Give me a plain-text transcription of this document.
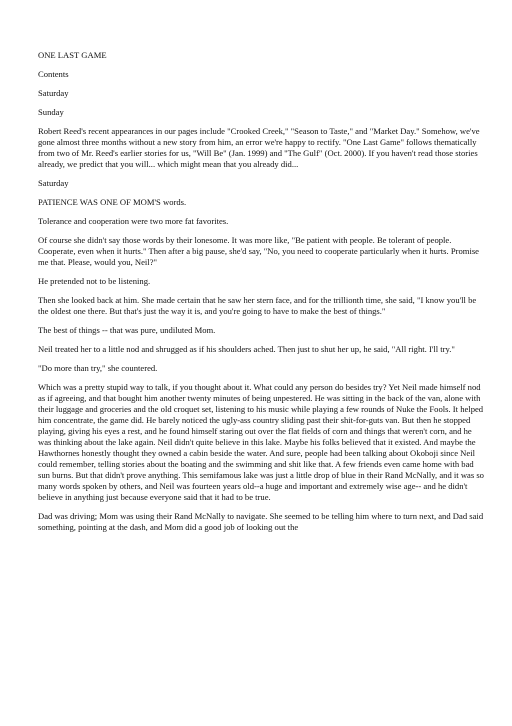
ONE LAST GAME

Contents

Saturday

Sunday

Robert Reed's recent appearances in our pages include "Crooked Creek," "Season to Taste," and "Market Day." Somehow, we've gone almost three months without a new story from him, an error we're happy to rectify. "One Last Game" follows thematically from two of Mr. Reed's earlier stories for us, "Will Be" (Jan. 1999) and "The Gulf" (Oct. 2000). If you haven't read those stories already, we predict that you will... which might mean that you already did...

Saturday

PATIENCE WAS ONE OF MOM'S words.

Tolerance and cooperation were two more fat favorites.

Of course she didn't say those words by their lonesome. It was more like, "Be patient with people. Be tolerant of people. Cooperate, even when it hurts." Then after a big pause, she'd say, "No, you need to cooperate particularly when it hurts. Promise me that. Please, would you, Neil?"

He pretended not to be listening.

Then she looked back at him. She made certain that he saw her stern face, and for the trillionth time, she said, "I know you'll be the oldest one there. But that's just the way it is, and you're going to have to make the best of things."

The best of things -- that was pure, undiluted Mom.

Neil treated her to a little nod and shrugged as if his shoulders ached. Then just to shut her up, he said, "All right. I'll try."

"Do more than try," she countered.

Which was a pretty stupid way to talk, if you thought about it. What could any person do besides try? Yet Neil made himself nod as if agreeing, and that bought him another twenty minutes of being unpestered. He was sitting in the back of the van, alone with their luggage and groceries and the old croquet set, listening to his music while playing a few rounds of Nuke the Fools. It helped him concentrate, the game did. He barely noticed the ugly-ass country sliding past their shit-for-guts van. But then he stopped playing, giving his eyes a rest, and he found himself staring out over the flat fields of corn and things that weren't corn, and he was thinking about the lake again. Neil didn't quite believe in this lake. Maybe his folks believed that it existed. And maybe the Hawthornes honestly thought they owned a cabin beside the water. And sure, people had been talking about Okoboji since Neil could remember, telling stories about the boating and the swimming and shit like that. A few friends even came home with bad sun burns. But that didn't prove anything. This semifamous lake was just a little drop of blue in their Rand McNally, and it was so many words spoken by others, and Neil was fourteen years old--a huge and important and extremely wise age-- and he didn't believe in anything just because everyone said that it had to be true.

Dad was driving; Mom was using their Rand McNally to navigate. She seemed to be telling him where to turn next, and Dad said something, pointing at the dash, and Mom did a good job of looking out the
